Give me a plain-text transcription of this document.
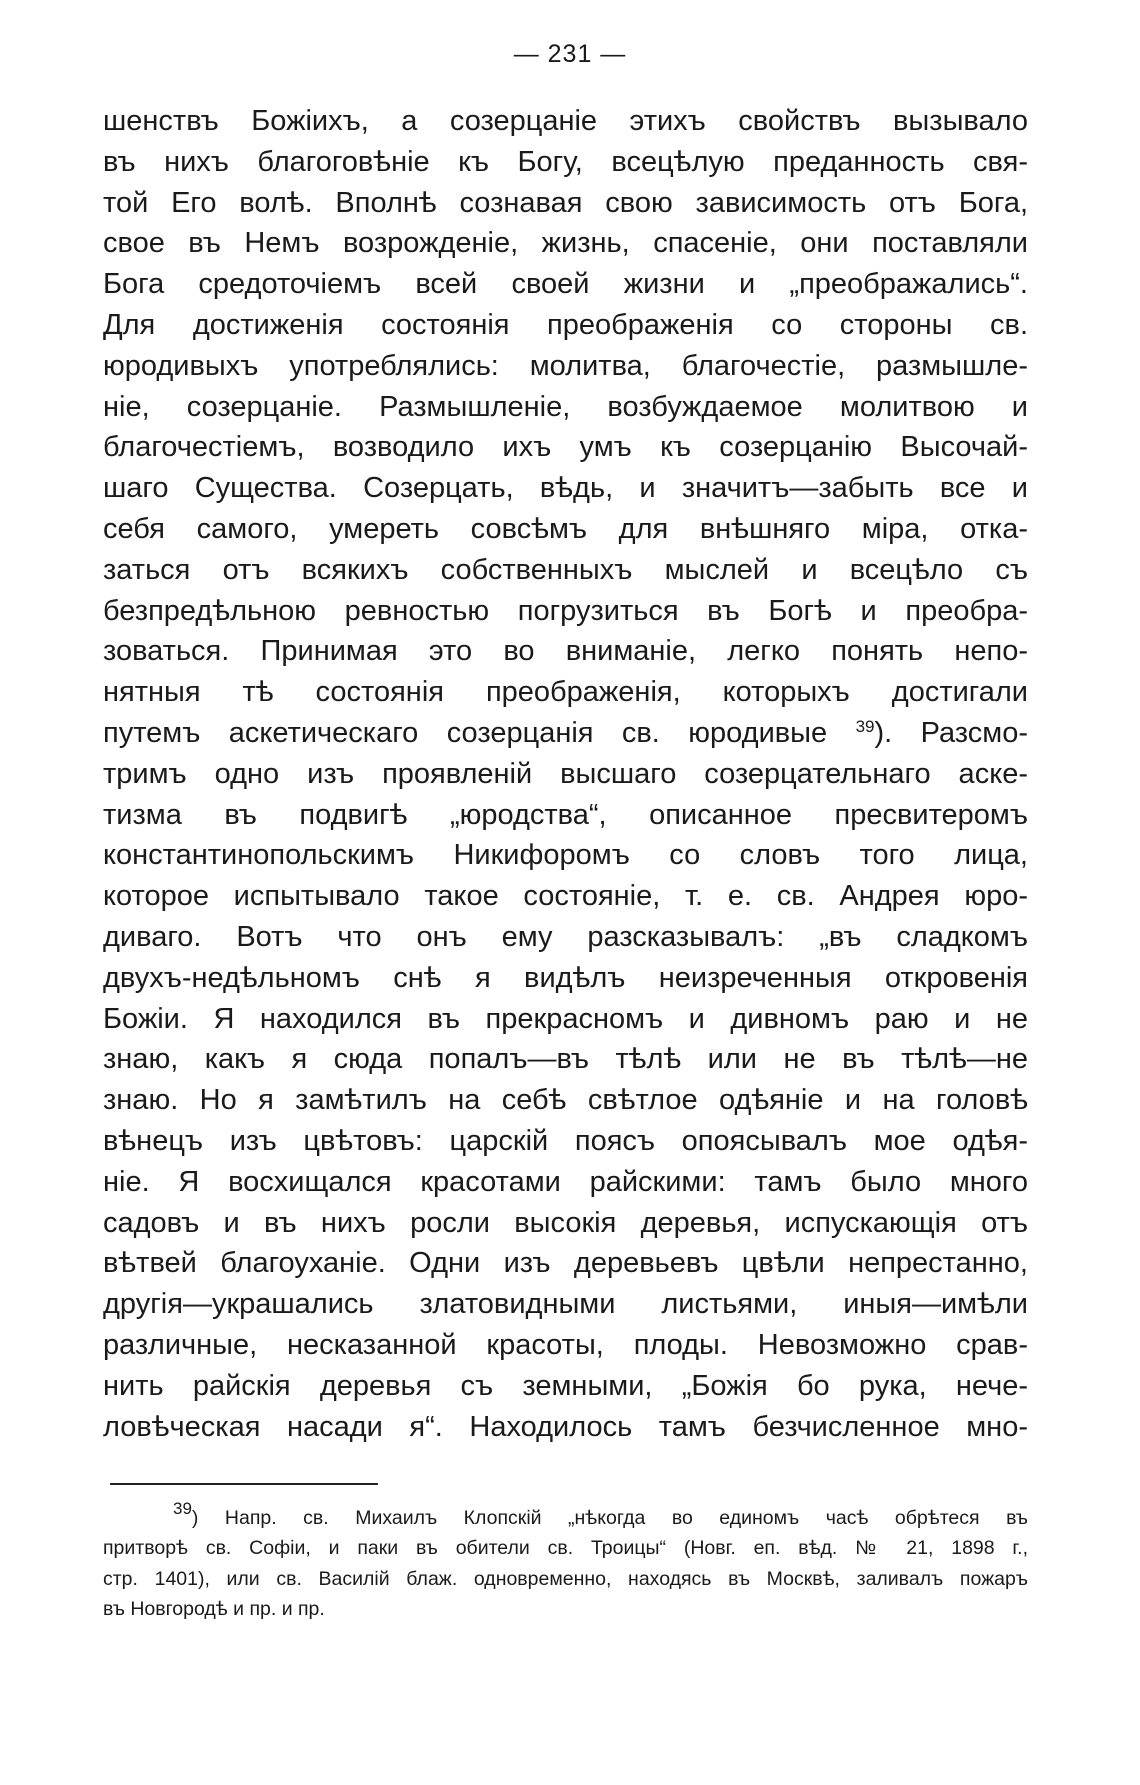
— 231 —
шенствъ Божіихъ, а созерцаніе этихъ свойствъ вызывало
въ нихъ благоговѣніе къ Богу, всецѣлую преданность свя-
той Его волѣ. Вполнѣ сознавая свою зависимость отъ Бога,
свое въ Немъ возрожденіе, жизнь, спасеніе, они поставляли
Бога средоточіемъ всей своей жизни и „преображались“.
Для достиженія состоянія преображенія со стороны св.
юродивыхъ употреблялись: молитва, благочестіе, размышле-
ніе, созерцаніе. Размышленіе, возбуждаемое молитвою и
благочестіемъ, возводило ихъ умъ къ созерцанію Высочай-
шаго Существа. Созерцать, вѣдь, и значитъ—забыть все и
себя самого, умереть совсѣмъ для внѣшняго міра, отка-
заться отъ всякихъ собственныхъ мыслей и всецѣло съ
безпредѣльною ревностью погрузиться въ Богѣ и преобра-
зоваться. Принимая это во вниманіе, легко понять непо-
нятныя тѣ состоянія преображенія, которыхъ достигали
путемъ аскетическаго созерцанія св. юродивые $^{39}$). Разсмо-
тримъ одно изъ проявленій высшаго созерцательнаго аске-
тизма въ подвигѣ „юродства“, описанное пресвитеромъ
константинопольскимъ Никифоромъ со словъ того лица,
которое испытывало такое состояніе, т. е. св. Андрея юро-
диваго. Вотъ что онъ ему разсказывалъ: „въ сладкомъ
двухъ-недѣльномъ снѣ я видѣлъ неизреченныя откровенія
Божіи. Я находился въ прекрасномъ и дивномъ раю и не
знаю, какъ я сюда попалъ—въ тѣлѣ или не въ тѣлѣ—не
знаю. Но я замѣтилъ на себѣ свѣтлое одѣяніе и на головѣ
вѣнецъ изъ цвѣтовъ: царскій поясъ опоясывалъ мое одѣя-
ніе. Я восхищался красотами райскими: тамъ было много
садовъ и въ нихъ росли высокія деревья, испускающія отъ
вѣтвей благоуханіе. Одни изъ деревьевъ цвѣли непрестанно,
другія—украшались златовидными листьями, иныя—имѣли
различные, несказанной красоты, плоды. Невозможно срав-
нить райскія деревья съ земными, „Божія бо рука, нече-
ловѣческая насади я“. Находилось тамъ безчисленное мно-
$^{39}$) Напр. св. Михаилъ Клопскій „нѣкогда во единомъ часѣ обрѣтеся въ
притворѣ св. Софіи, и паки въ обители св. Троицы“ (Новг. еп. вѣд. № 21, 1898 г.,
стр. 1401), или св. Василій блаж. одновременно, находясь въ Москвѣ, заливалъ пожаръ
въ Новгородѣ и пр. и пр.
